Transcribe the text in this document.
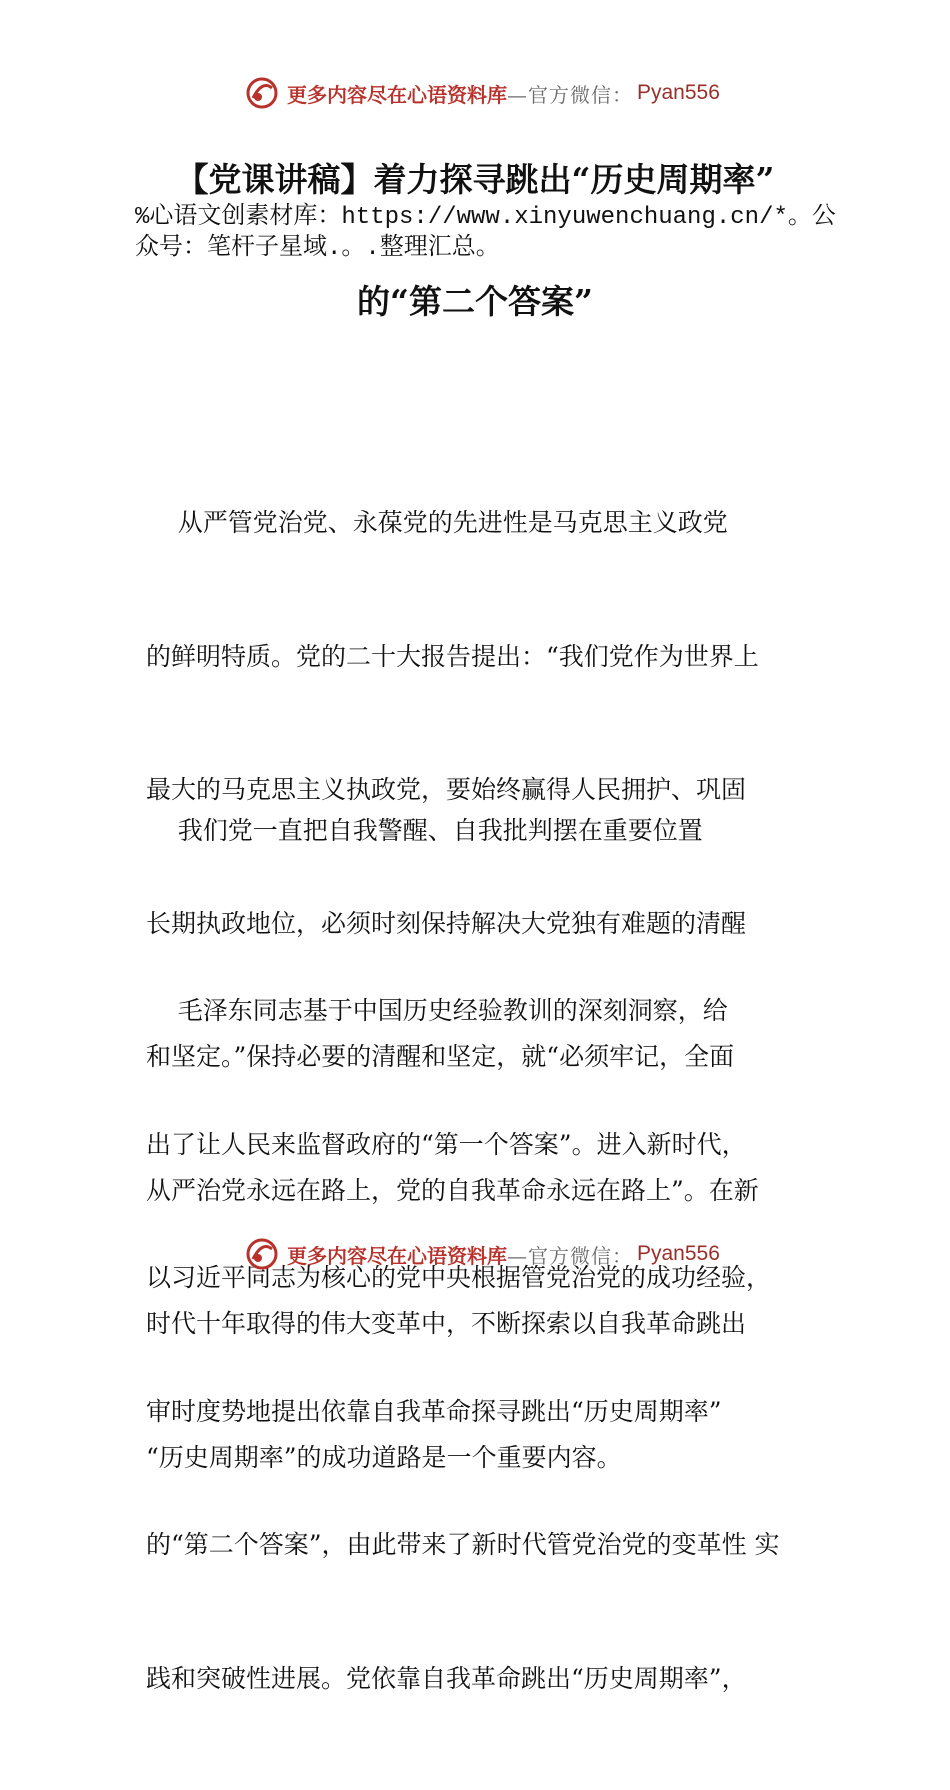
更多内容尽在心语资料库 —官方微信： Pyan556
【党课讲稿】着力探寻跳出“历史周期率”
%心语文创素材库：https://www.xinyuwenchuang.cn/*。公
众号：笔杆子星域.。.整理汇总。
的“第二个答案”

从严管党治党、永葆党的先进性是马克思主义政党

的鲜明特质。党的二十大报告提出：“我们党作为世界上

最大的马克思主义执政党，要始终赢得人民拥护、巩固

长期执政地位，必须时刻保持解决大党独有难题的清醒

和坚定。”保持必要的清醒和坚定，就“必须牢记，全面

从严治党永远在路上，党的自我革命永远在路上”。在新

时代十年取得的伟大变革中，不断探索以自我革命跳出

“历史周期率”的成功道路是一个重要内容。

我们党一直把自我警醒、自我批判摆在重要位置

毛泽东同志基于中国历史经验教训的深刻洞察，给

出了让人民来监督政府的“第一个答案”。进入新时代，

以习近平同志为核心的党中央根据管党治党的成功经验，

审时度势地提出依靠自我革命探寻跳出“历史周期率”

的“第二个答案”，由此带来了新时代管党治党的变革性 实

践和突破性进展。党依靠自我革命跳出“历史周期率”，

更多内容尽在心语资料库 —官方微信： Pyan556
